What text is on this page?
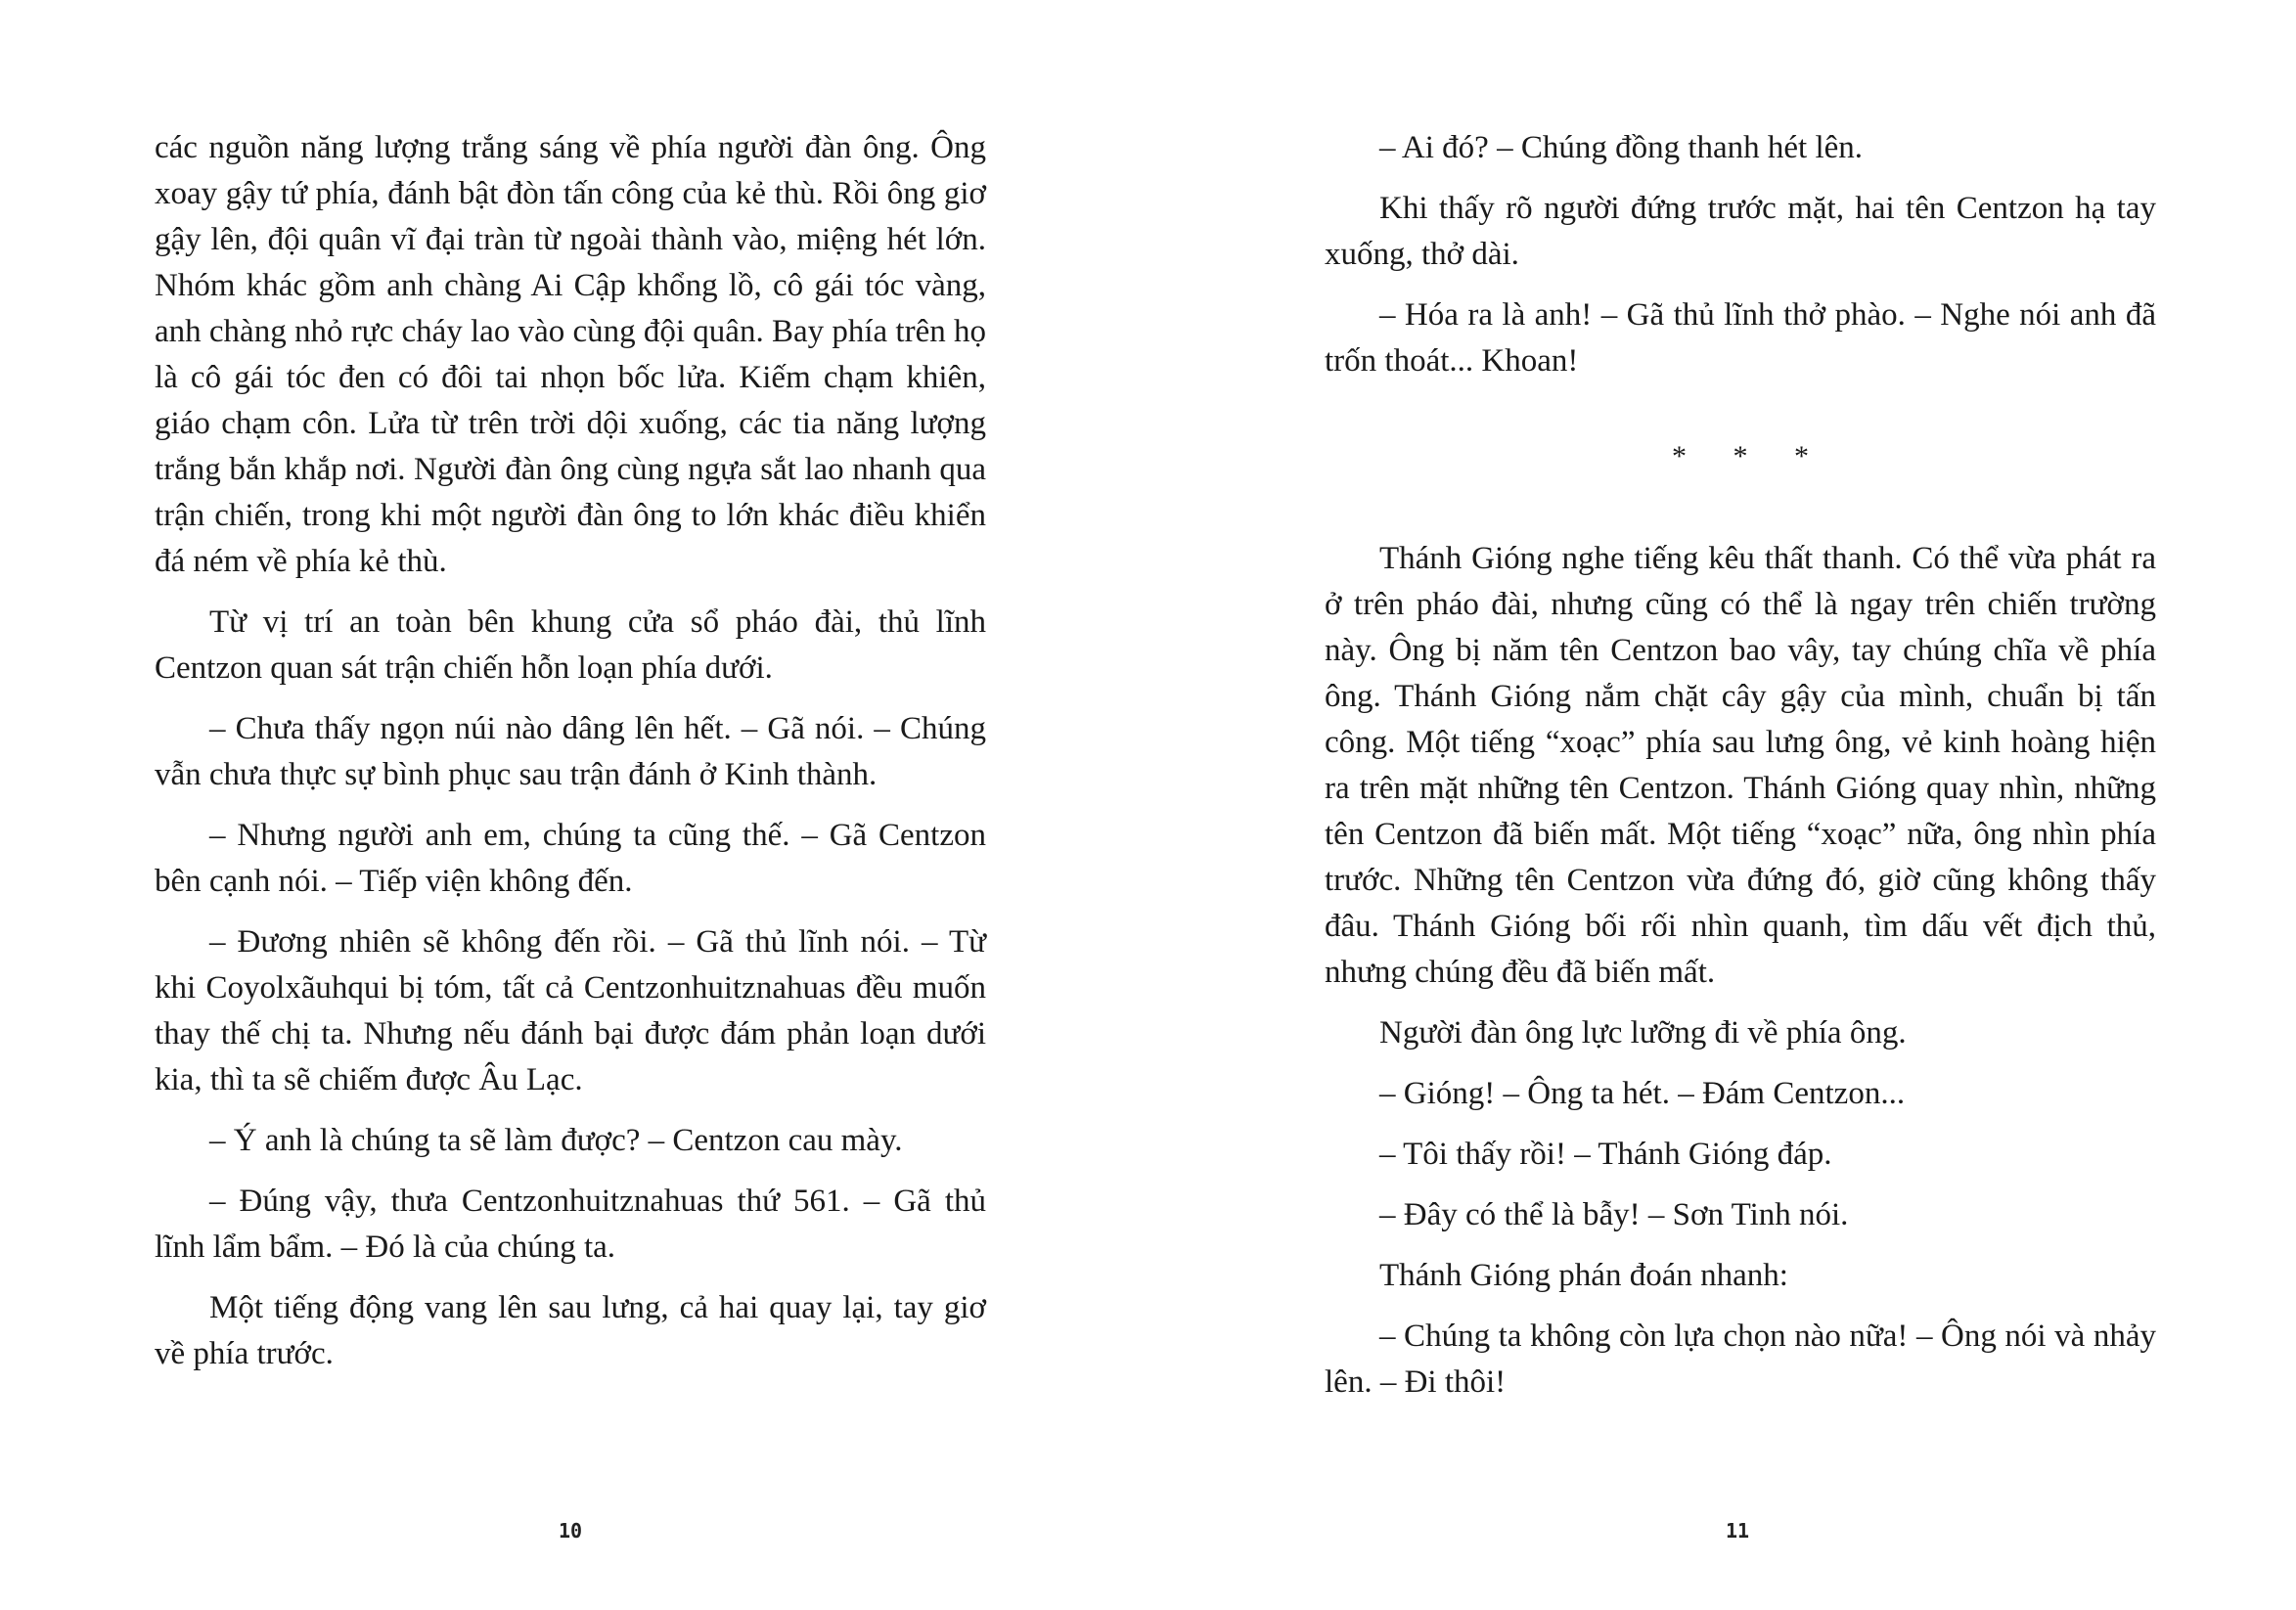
các nguồn năng lượng trắng sáng về phía người đàn ông. Ông xoay gậy tứ phía, đánh bật đòn tấn công của kẻ thù. Rồi ông giơ gậy lên, đội quân vĩ đại tràn từ ngoài thành vào, miệng hét lớn. Nhóm khác gồm anh chàng Ai Cập khổng lồ, cô gái tóc vàng, anh chàng nhỏ rực cháy lao vào cùng đội quân. Bay phía trên họ là cô gái tóc đen có đôi tai nhọn bốc lửa. Kiếm chạm khiên, giáo chạm côn. Lửa từ trên trời dội xuống, các tia năng lượng trắng bắn khắp nơi. Người đàn ông cùng ngựa sắt lao nhanh qua trận chiến, trong khi một người đàn ông to lớn khác điều khiển đá ném về phía kẻ thù.

Từ vị trí an toàn bên khung cửa sổ pháo đài, thủ lĩnh Centzon quan sát trận chiến hỗn loạn phía dưới.

– Chưa thấy ngọn núi nào dâng lên hết. – Gã nói. – Chúng vẫn chưa thực sự bình phục sau trận đánh ở Kinh thành.

– Nhưng người anh em, chúng ta cũng thế. – Gã Centzon bên cạnh nói. – Tiếp viện không đến.

– Đương nhiên sẽ không đến rồi. – Gã thủ lĩnh nói. – Từ khi Coyolxãuhqui bị tóm, tất cả Centzonhuitznahuas đều muốn thay thế chị ta. Nhưng nếu đánh bại được đám phản loạn dưới kia, thì ta sẽ chiếm được Âu Lạc.

– Ý anh là chúng ta sẽ làm được? – Centzon cau mày.

– Đúng vậy, thưa Centzonhuitznahuas thứ 561. – Gã thủ lĩnh lẩm bẩm. – Đó là của chúng ta.

Một tiếng động vang lên sau lưng, cả hai quay lại, tay giơ về phía trước.

10

– Ai đó? – Chúng đồng thanh hét lên.

Khi thấy rõ người đứng trước mặt, hai tên Centzon hạ tay xuống, thở dài.

– Hóa ra là anh! – Gã thủ lĩnh thở phào. – Nghe nói anh đã trốn thoát... Khoan!

* * *

Thánh Gióng nghe tiếng kêu thất thanh. Có thể vừa phát ra ở trên pháo đài, nhưng cũng có thể là ngay trên chiến trường này. Ông bị năm tên Centzon bao vây, tay chúng chĩa về phía ông. Thánh Gióng nắm chặt cây gậy của mình, chuẩn bị tấn công. Một tiếng “xoạc” phía sau lưng ông, vẻ kinh hoàng hiện ra trên mặt những tên Centzon. Thánh Gióng quay nhìn, những tên Centzon đã biến mất. Một tiếng “xoạc” nữa, ông nhìn phía trước. Những tên Centzon vừa đứng đó, giờ cũng không thấy đâu. Thánh Gióng bối rối nhìn quanh, tìm dấu vết địch thủ, nhưng chúng đều đã biến mất.

Người đàn ông lực lưỡng đi về phía ông.

– Gióng! – Ông ta hét. – Đám Centzon...

– Tôi thấy rồi! – Thánh Gióng đáp.

– Đây có thể là bẫy! – Sơn Tinh nói.

Thánh Gióng phán đoán nhanh:

– Chúng ta không còn lựa chọn nào nữa! – Ông nói và nhảy lên. – Đi thôi!

11
